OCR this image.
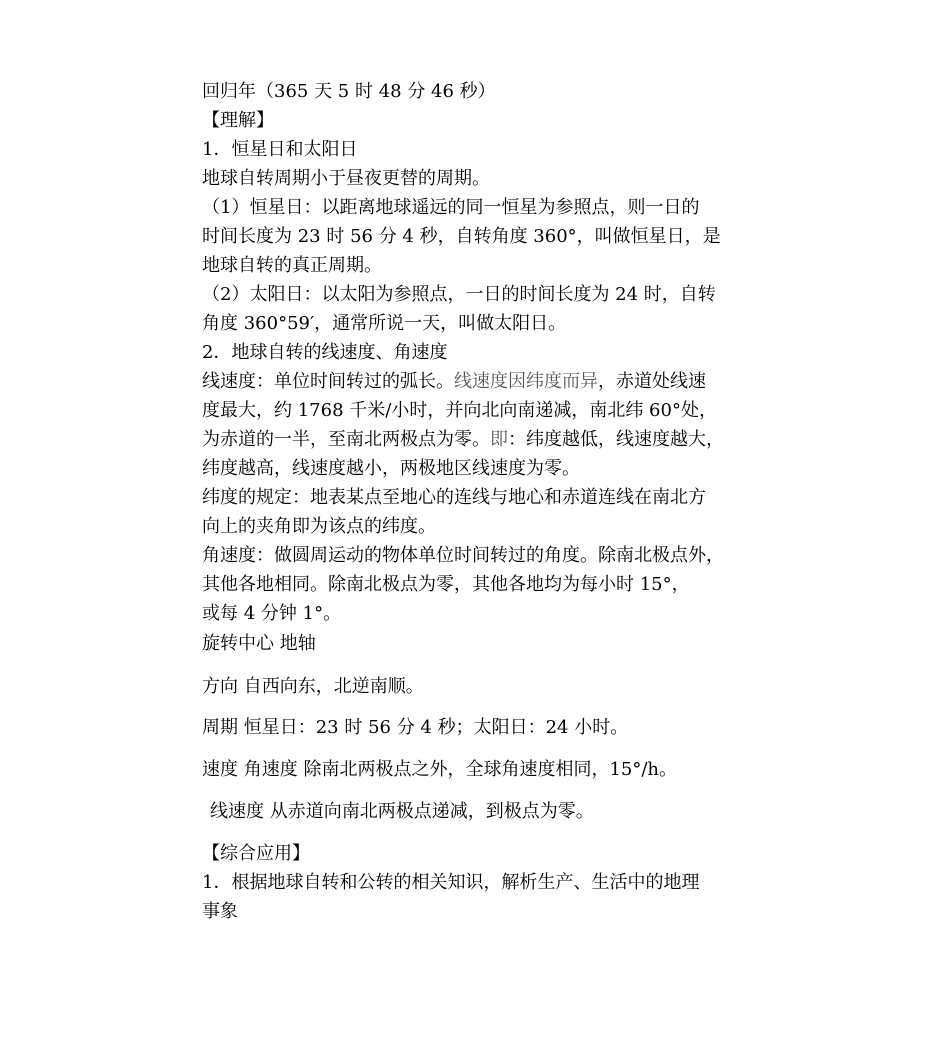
回归年（365 天 5 时 48 分 46 秒）
【理解】
1．恒星日和太阳日
地球自转周期小于昼夜更替的周期。
（1）恒星日：以距离地球遥远的同一恒星为参照点，则一日的
时间长度为 23 时 56 分 4 秒，自转角度 360°，叫做恒星日，是
地球自转的真正周期。
（2）太阳日：以太阳为参照点，一日的时间长度为 24 时，自转
角度 360°59′，通常所说一天，叫做太阳日。
2．地球自转的线速度、角速度
线速度：单位时间转过的弧长。线速度因纬度而异，赤道处线速
度最大，约 1768 千米/小时，并向北向南递减，南北纬 60°处，
为赤道的一半，至南北两极点为零。即：纬度越低，线速度越大，
纬度越高，线速度越小，两极地区线速度为零。
纬度的规定：地表某点至地心的连线与地心和赤道连线在南北方
向上的夹角即为该点的纬度。
角速度：做圆周运动的物体单位时间转过的角度。除南北极点外，
其他各地相同。除南北极点为零，其他各地均为每小时 15°，
或每 4 分钟 1°。
旋转中心 地轴
方向 自西向东，北逆南顺。
周期 恒星日：23 时 56 分 4 秒；太阳日：24 小时。
速度 角速度 除南北两极点之外，全球角速度相同，15°/h。
线速度 从赤道向南北两极点递减，到极点为零。
【综合应用】
1．根据地球自转和公转的相关知识，解析生产、生活中的地理
事象
